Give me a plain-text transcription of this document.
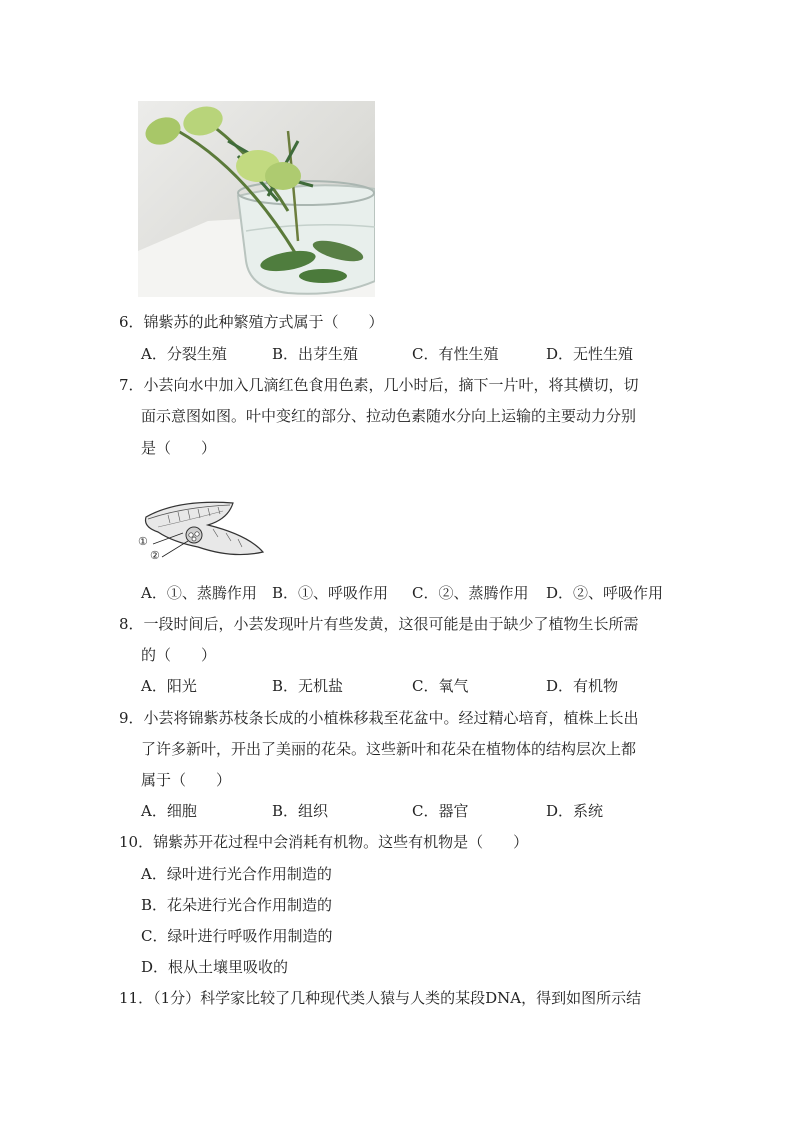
6．锦紫苏的此种繁殖方式属于（　　）
A．分裂生殖	B．出芽生殖	C．有性生殖	D．无性生殖
7．小芸向水中加入几滴红色食用色素，几小时后，摘下一片叶，将其横切，切
面示意图如图。叶中变红的部分、拉动色素随水分向上运输的主要动力分别
是（　　）
①
②
A．①、蒸腾作用 B．①、呼吸作用 C．②、蒸腾作用 D．②、呼吸作用
8．一段时间后，小芸发现叶片有些发黄，这很可能是由于缺少了植物生长所需
的（　　）
A．阳光	B．无机盐	C．氧气	D．有机物
9．小芸将锦紫苏枝条长成的小植株移栽至花盆中。经过精心培育，植株上长出
了许多新叶，开出了美丽的花朵。这些新叶和花朵在植物体的结构层次上都
属于（　　）
A．细胞	B．组织	C．器官	D．系统
10．锦紫苏开花过程中会消耗有机物。这些有机物是（　　）
A．绿叶进行光合作用制造的
B．花朵进行光合作用制造的
C．绿叶进行呼吸作用制造的
D．根从土壤里吸收的
11．（1分）科学家比较了几种现代类人猿与人类的某段DNA，得到如图所示结
